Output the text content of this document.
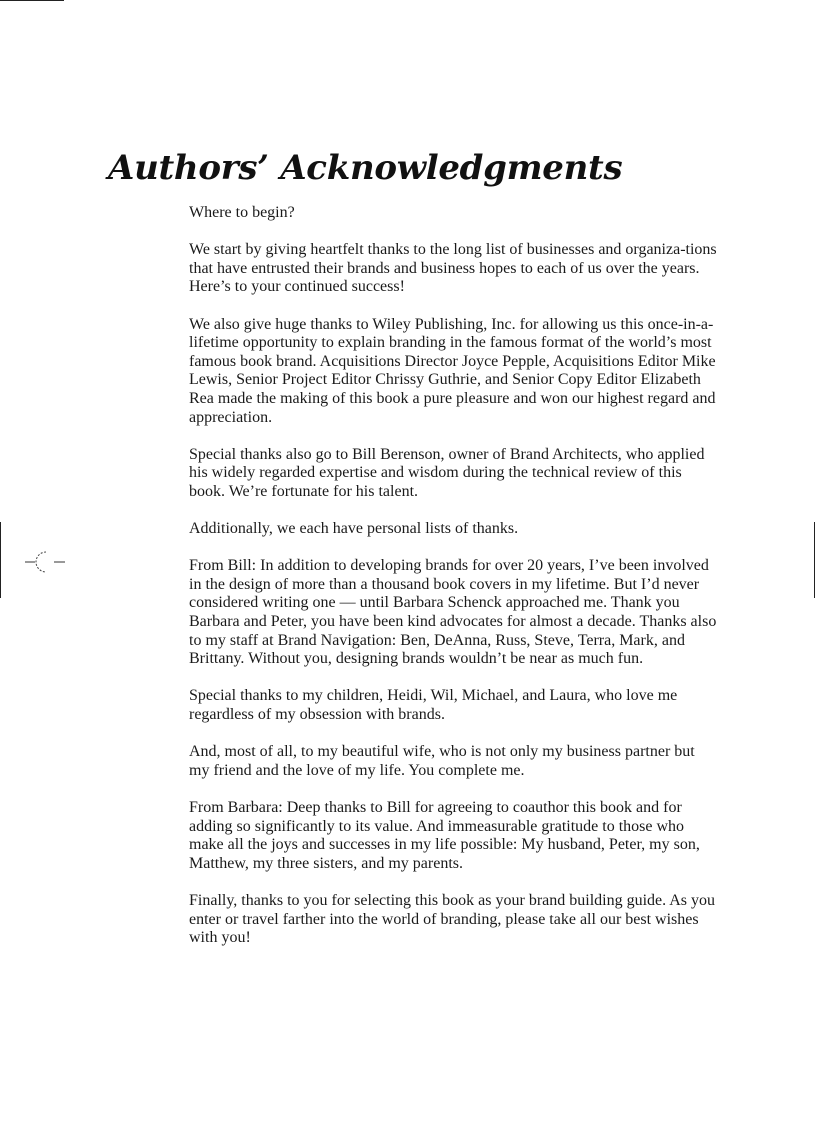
Authors’ Acknowledgments

Where to begin?

We start by giving heartfelt thanks to the long list of businesses and organiza-tions that have entrusted their brands and business hopes to each of us over the years. Here’s to your continued success!

We also give huge thanks to Wiley Publishing, Inc. for allowing us this once-in-a-lifetime opportunity to explain branding in the famous format of the world’s most famous book brand. Acquisitions Director Joyce Pepple, Acquisitions Editor Mike Lewis, Senior Project Editor Chrissy Guthrie, and Senior Copy Editor Elizabeth Rea made the making of this book a pure pleasure and won our highest regard and appreciation.

Special thanks also go to Bill Berenson, owner of Brand Architects, who applied his widely regarded expertise and wisdom during the technical review of this book. We’re fortunate for his talent.

Additionally, we each have personal lists of thanks.

From Bill: In addition to developing brands for over 20 years, I’ve been involved in the design of more than a thousand book covers in my lifetime. But I’d never considered writing one — until Barbara Schenck approached me. Thank you Barbara and Peter, you have been kind advocates for almost a decade. Thanks also to my staff at Brand Navigation: Ben, DeAnna, Russ, Steve, Terra, Mark, and Brittany. Without you, designing brands wouldn’t be near as much fun.

Special thanks to my children, Heidi, Wil, Michael, and Laura, who love me regardless of my obsession with brands.

And, most of all, to my beautiful wife, who is not only my business partner but my friend and the love of my life. You complete me.

From Barbara: Deep thanks to Bill for agreeing to coauthor this book and for adding so significantly to its value. And immeasurable gratitude to those who make all the joys and successes in my life possible: My husband, Peter, my son, Matthew, my three sisters, and my parents.

Finally, thanks to you for selecting this book as your brand building guide. As you enter or travel farther into the world of branding, please take all our best wishes with you!
